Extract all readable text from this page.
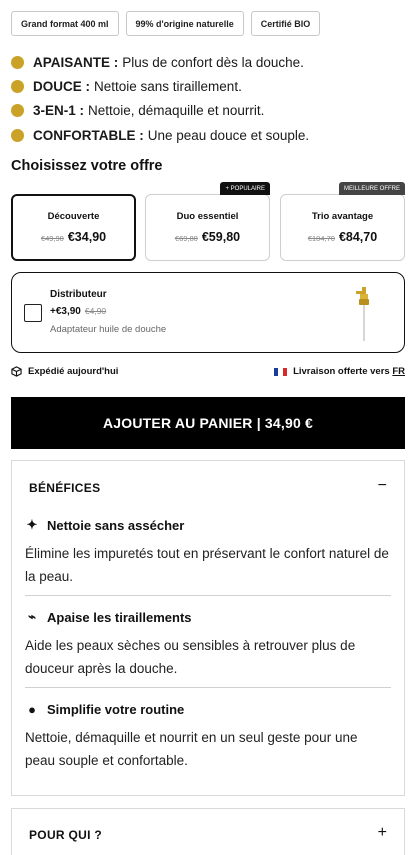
Grand format 400 ml	99% d'origine naturelle	Certifié BIO
APAISANTE : Plus de confort dès la douche.
DOUCE : Nettoie sans tiraillement.
3-EN-1 : Nettoie, démaquille et nourrit.
CONFORTABLE : Une peau douce et souple.
Choisissez votre offre
Découverte
€49,90 €34,90
+ POPULAIRE
Duo essentiel
€69,80 €59,80
MEILLEURE OFFRE
Trio avantage
€104,70 €84,70
Distributeur
+€3,90 €4,90
Adaptateur huile de douche
Expédié aujourd'hui	Livraison offerte vers FR
AJOUTER AU PANIER | 34,90 €
BÉNÉFICES	−
✦ Nettoie sans assécher
Élimine les impuretés tout en préservant le confort naturel de la peau.
⌁ Apaise les tiraillements
Aide les peaux sèches ou sensibles à retrouver plus de douceur après la douche.
● Simplifie votre routine
Nettoie, démaquille et nourrit en un seul geste pour une peau souple et confortable.
POUR QUI ?	+
